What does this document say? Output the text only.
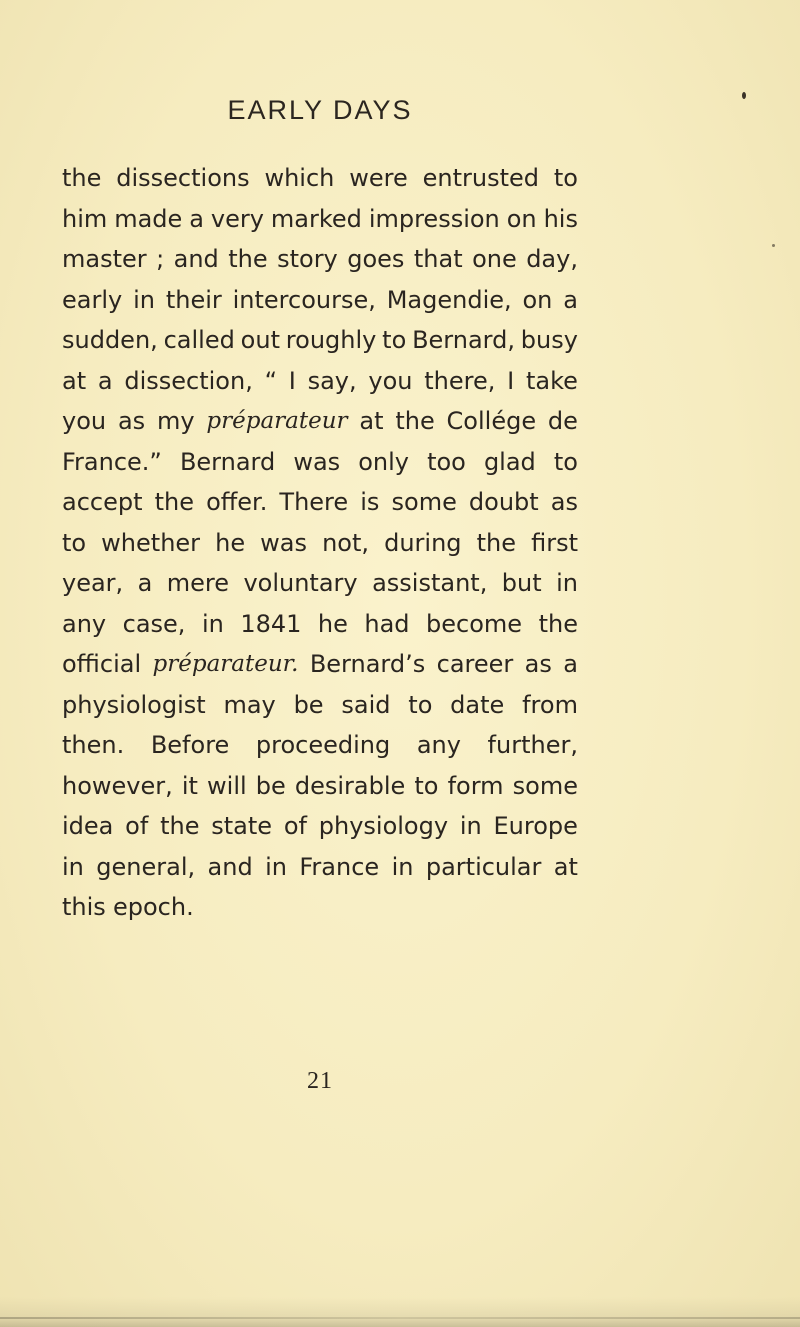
EARLY DAYS
the dissections which were entrusted to
him made a very marked impression on his
master ; and the story goes that one day,
early in their intercourse, Magendie, on a
sudden, called out roughly to Bernard, busy
at a dissection, “ I say, you there, I take
you as my préparateur at the Collége de
France.” Bernard was only too glad to
accept the offer. There is some doubt as
to whether he was not, during the first
year, a mere voluntary assistant, but in
any case, in 1841 he had become the
official préparateur. Bernard’s career as a
physiologist may be said to date from
then. Before proceeding any further,
however, it will be desirable to form some
idea of the state of physiology in Europe
in general, and in France in particular at
this epoch.
21
